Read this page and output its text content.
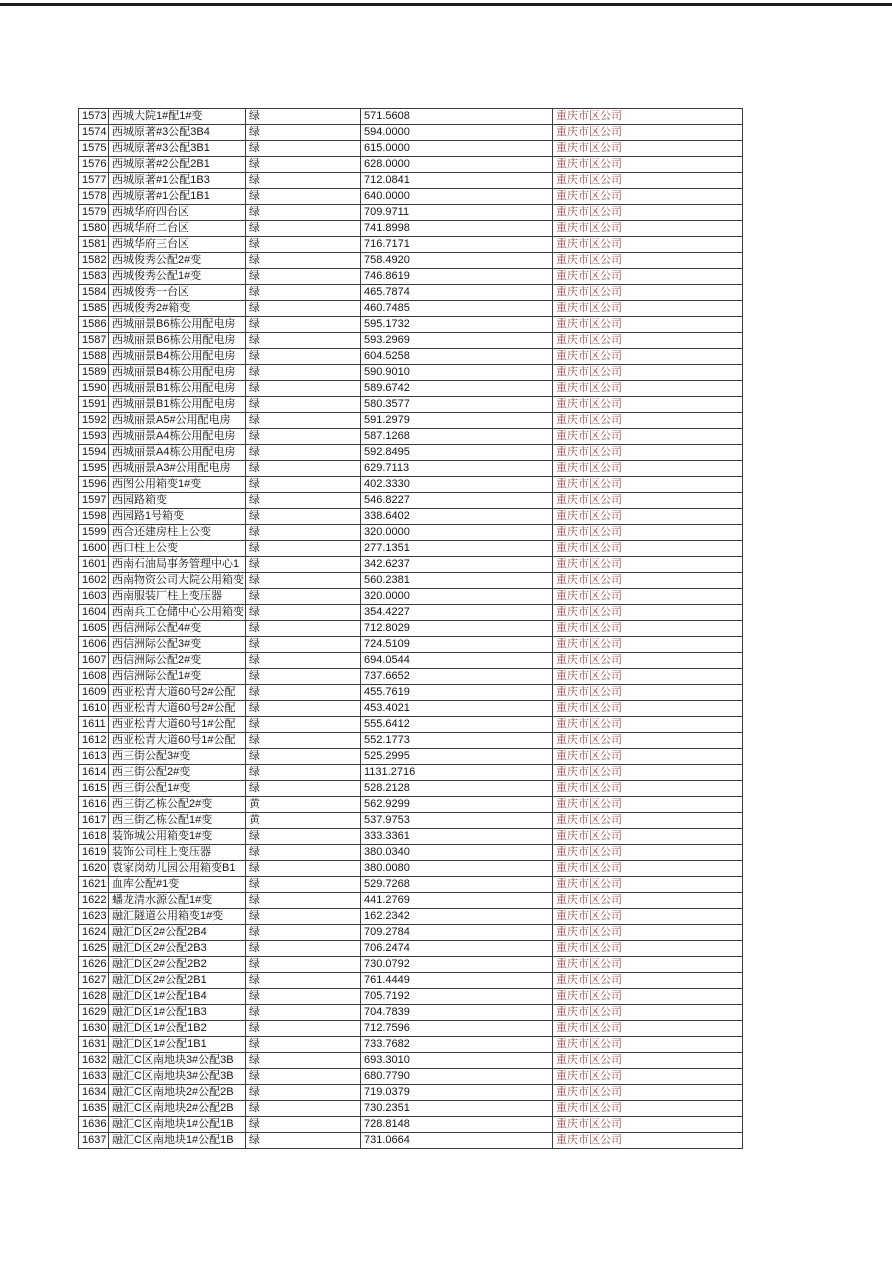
1573	西城大院1#配1#变	绿	571.5608	重庆市区公司
1574	西城原著#3公配3B4	绿	594.0000	重庆市区公司
1575	西城原著#3公配3B1	绿	615.0000	重庆市区公司
1576	西城原著#2公配2B1	绿	628.0000	重庆市区公司
1577	西城原著#1公配1B3	绿	712.0841	重庆市区公司
1578	西城原著#1公配1B1	绿	640.0000	重庆市区公司
1579	西城华府四台区	绿	709.9711	重庆市区公司
1580	西城华府二台区	绿	741.8998	重庆市区公司
1581	西城华府三台区	绿	716.7171	重庆市区公司
1582	西城俊秀公配2#变	绿	758.4920	重庆市区公司
1583	西城俊秀公配1#变	绿	746.8619	重庆市区公司
1584	西城俊秀一台区	绿	465.7874	重庆市区公司
1585	西城俊秀2#箱变	绿	460.7485	重庆市区公司
1586	西城丽景B6栋公用配电房	绿	595.1732	重庆市区公司
1587	西城丽景B6栋公用配电房	绿	593.2969	重庆市区公司
1588	西城丽景B4栋公用配电房	绿	604.5258	重庆市区公司
1589	西城丽景B4栋公用配电房	绿	590.9010	重庆市区公司
1590	西城丽景B1栋公用配电房	绿	589.6742	重庆市区公司
1591	西城丽景B1栋公用配电房	绿	580.3577	重庆市区公司
1592	西城丽景A5#公用配电房	绿	591.2979	重庆市区公司
1593	西城丽景A4栋公用配电房	绿	587.1268	重庆市区公司
1594	西城丽景A4栋公用配电房	绿	592.8495	重庆市区公司
1595	西城丽景A3#公用配电房	绿	629.7113	重庆市区公司
1596	西图公用箱变1#变	绿	402.3330	重庆市区公司
1597	西园路箱变	绿	546.8227	重庆市区公司
1598	西园路1号箱变	绿	338.6402	重庆市区公司
1599	西合还建房柱上公变	绿	320.0000	重庆市区公司
1600	西口柱上公变	绿	277.1351	重庆市区公司
1601	西南石油局事务管理中心1	绿	342.6237	重庆市区公司
1602	西南物资公司大院公用箱变	绿	560.2381	重庆市区公司
1603	西南服装厂柱上变压器	绿	320.0000	重庆市区公司
1604	西南兵工仓储中心公用箱变	绿	354.4227	重庆市区公司
1605	西信洲际公配4#变	绿	712.8029	重庆市区公司
1606	西信洲际公配3#变	绿	724.5109	重庆市区公司
1607	西信洲际公配2#变	绿	694.0544	重庆市区公司
1608	西信洲际公配1#变	绿	737.6652	重庆市区公司
1609	西亚松青大道60号2#公配	绿	455.7619	重庆市区公司
1610	西亚松青大道60号2#公配	绿	453.4021	重庆市区公司
1611	西亚松青大道60号1#公配	绿	555.6412	重庆市区公司
1612	西亚松青大道60号1#公配	绿	552.1773	重庆市区公司
1613	西三街公配3#变	绿	525.2995	重庆市区公司
1614	西三街公配2#变	绿	1131.2716	重庆市区公司
1615	西三街公配1#变	绿	528.2128	重庆市区公司
1616	西三街乙栋公配2#变	黄	562.9299	重庆市区公司
1617	西三街乙栋公配1#变	黄	537.9753	重庆市区公司
1618	装饰城公用箱变1#变	绿	333.3361	重庆市区公司
1619	装饰公司柱上变压器	绿	380.0340	重庆市区公司
1620	袁家岗幼儿园公用箱变B1	绿	380.0080	重庆市区公司
1621	血库公配#1变	绿	529.7268	重庆市区公司
1622	蟠龙清水源公配1#变	绿	441.2769	重庆市区公司
1623	融汇隧道公用箱变1#变	绿	162.2342	重庆市区公司
1624	融汇D区2#公配2B4	绿	709.2784	重庆市区公司
1625	融汇D区2#公配2B3	绿	706.2474	重庆市区公司
1626	融汇D区2#公配2B2	绿	730.0792	重庆市区公司
1627	融汇D区2#公配2B1	绿	761.4449	重庆市区公司
1628	融汇D区1#公配1B4	绿	705.7192	重庆市区公司
1629	融汇D区1#公配1B3	绿	704.7839	重庆市区公司
1630	融汇D区1#公配1B2	绿	712.7596	重庆市区公司
1631	融汇D区1#公配1B1	绿	733.7682	重庆市区公司
1632	融汇C区南地块3#公配3B	绿	693.3010	重庆市区公司
1633	融汇C区南地块3#公配3B	绿	680.7790	重庆市区公司
1634	融汇C区南地块2#公配2B	绿	719.0379	重庆市区公司
1635	融汇C区南地块2#公配2B	绿	730.2351	重庆市区公司
1636	融汇C区南地块1#公配1B	绿	728.8148	重庆市区公司
1637	融汇C区南地块1#公配1B	绿	731.0664	重庆市区公司
